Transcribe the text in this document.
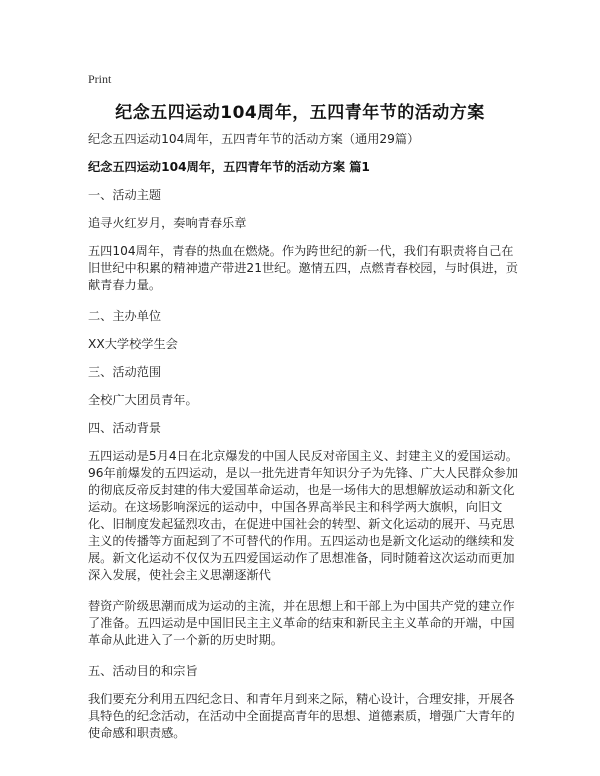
Print
纪念五四运动104周年，五四青年节的活动方案

纪念五四运动104周年，五四青年节的活动方案（通用29篇）

纪念五四运动104周年，五四青年节的活动方案 篇1

一、活动主题

追寻火红岁月，奏响青春乐章

五四104周年，青春的热血在燃烧。作为跨世纪的新一代，我们有职责将自己在旧世纪中积累的精神遗产带进21世纪。邀情五四，点燃青春校园，与时俱进，贡献青春力量。

二、主办单位

XX大学校学生会

三、活动范围

全校广大团员青年。

四、活动背景

五四运动是5月4日在北京爆发的中国人民反对帝国主义、封建主义的爱国运动。96年前爆发的五四运动，是以一批先进青年知识分子为先锋、广大人民群众参加的彻底反帝反封建的伟大爱国革命运动，也是一场伟大的思想解放运动和新文化运动。在这场影响深远的运动中，中国各界高举民主和科学两大旗帜，向旧文化、旧制度发起猛烈攻击，在促进中国社会的转型、新文化运动的展开、马克思主义的传播等方面起到了不可替代的作用。五四运动也是新文化运动的继续和发展。新文化运动不仅仅为五四爱国运动作了思想准备，同时随着这次运动而更加深入发展，使社会主义思潮逐渐代

替资产阶级思潮而成为运动的主流，并在思想上和干部上为中国共产党的建立作了准备。五四运动是中国旧民主主义革命的结束和新民主主义革命的开端，中国革命从此进入了一个新的历史时期。

五、活动目的和宗旨

我们要充分利用五四纪念日、和青年月到来之际，精心设计，合理安排，开展各具特色的纪念活动，在活动中全面提高青年的思想、道德素质，增强广大青年的使命感和职责感。
